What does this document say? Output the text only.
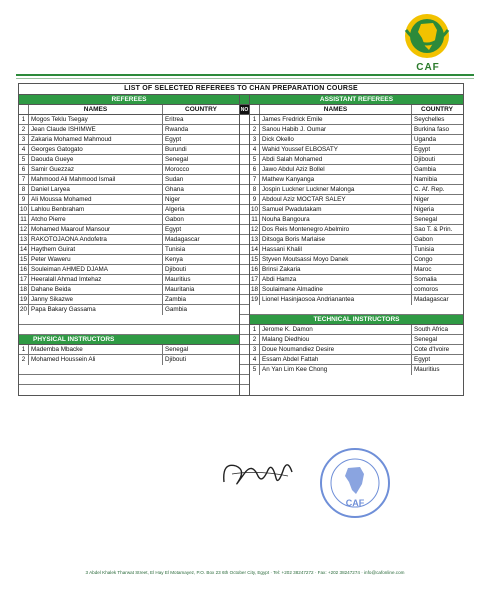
CAF
LIST OF SELECTED REFEREES TO CHAN PREPARATION COURSE
REFEREES
NAMES	COUNTRY
1 Mogos Teklu Tsegay	Eritrea
2 Jean Claude ISHIMWE	Rwanda
3 Zakaria Mohamed Mahmoud	Egypt
4 Georges Gatogato	Burundi
5 Daouda Gueye	Senegal
6 Samir Guezzaz	Morocco
7 Mahmood Ali Mahmood Ismail	Sudan
8 Daniel Laryea	Ghana
9 Ali Moussa Mohamed	Niger
10 Lahlou Benbraham	Algeria
11 Atcho Pierre	Gabon
12 Mohamed Maarouf Mansour	Egypt
13 RAKOTOJAONA Andofetra	Madagascar
14 Haythem Guirat	Tunisia
15 Peter Waweru	Kenya
16 Souleiman AHMED DJAMA	Djibouti
17 Heeralall Ahmad Imtehaz	Mauritius
18 Dahane Beida	Mauritania
19 Janny Sikazwe	Zambia
20 Papa Bakary Gassama	Gambia
PHYSICAL INSTRUCTORS
1 Mademba Mbacke	Senegal
2 Mohamed Houssein Ali	Djibouti
NO
ASSISTANT REFEREES
NAMES	COUNTRY
1 James Fredrick Emile	Seychelles
2 Sanou Habib J. Oumar	Burkina faso
3 Dick Okello	Uganda
4 Wahid Youssef ELBOSATY	Egypt
5 Abdi Salah Mohamed	Djibouti
6 Jawo Abdul Aziz Bollel	Gambia
7 Mathew Kanyanga	Namibia
8 Jospin Luckner Luckner Malonga	C. Af. Rep.
9 Abdoul Aziz MOCTAR SALEY	Niger
10 Samuel Pwadutakam	Nigeria
11 Nouha Bangoura	Senegal
12 Dos Reis Montenegro Abelmiro	Sao T. & Prin.
13 Ditsoga Boris Marlaise	Gabon
14 Hassani Khalil	Tunisia
15 Styven Moutsassi Moyo Danek	Congo
16 Brinsi Zakaria	Maroc
17 Abdi Hamza	Somalia
18 Soulaimane Almadine	comoros
19 Lionel Hasinjaosoa Andrianantea	Madagascar
TECHNICAL INSTRUCTORS
1 Jerome K. Damon	South Africa
2 Malang Diedhiou	Senegal
3 Doue Noumandiez Desire	Cote d'Ivoire
4 Essam Abdel Fattah	Egypt
5 An Yan Lim Kee Chong	Mauritius
CAF
3 Abdel Khalek Tharwat Street, El Hay El Motamayez, P.O. Box 23 6th October City, Egypt · Tel: +202 38247272 · Fax: +202 38247274 · info@cafonline.com
